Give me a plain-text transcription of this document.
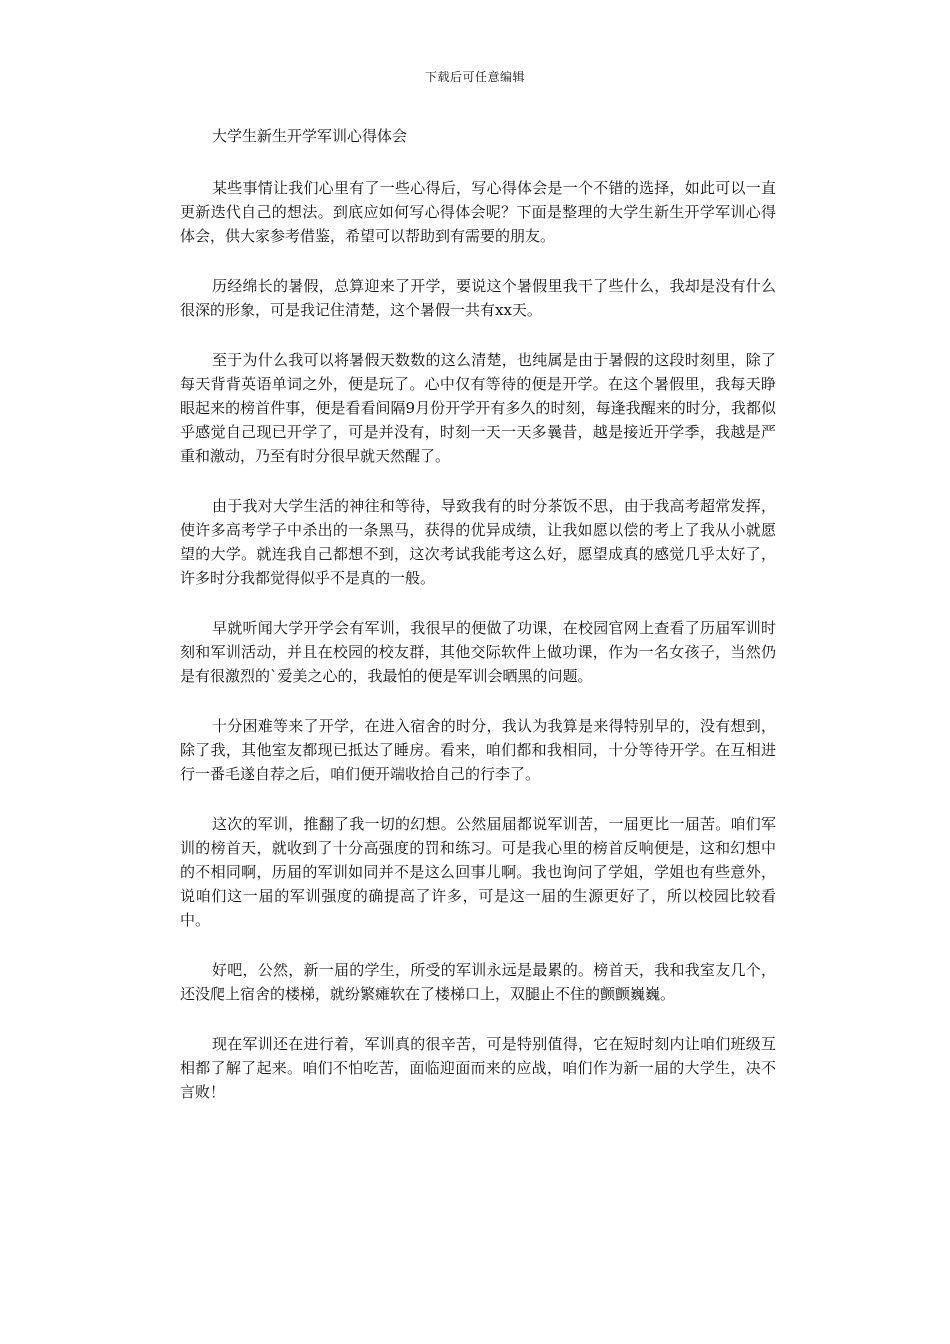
下载后可任意编辑
大学生新生开学军训心得体会

某些事情让我们心里有了一些心得后，写心得体会是一个不错的选择，如此可以一直更新迭代自己的想法。到底应如何写心得体会呢？下面是整理的大学生新生开学军训心得体会，供大家参考借鉴，希望可以帮助到有需要的朋友。

历经绵长的暑假，总算迎来了开学，要说这个暑假里我干了些什么，我却是没有什么很深的形象，可是我记住清楚，这个暑假一共有xx天。

至于为什么我可以将暑假天数数的这么清楚，也纯属是由于暑假的这段时刻里，除了每天背背英语单词之外，便是玩了。心中仅有等待的便是开学。在这个暑假里，我每天睁眼起来的榜首件事，便是看看间隔9月份开学开有多久的时刻，每逢我醒来的时分，我都似乎感觉自己现已开学了，可是并没有，时刻一天一天多曩昔，越是接近开学季，我越是严重和激动，乃至有时分很早就天然醒了。

由于我对大学生活的神往和等待，导致我有的时分茶饭不思，由于我高考超常发挥，使许多高考学子中杀出的一条黑马，获得的优异成绩，让我如愿以偿的考上了我从小就愿望的大学。就连我自己都想不到，这次考试我能考这么好，愿望成真的感觉几乎太好了，许多时分我都觉得似乎不是真的一般。

早就听闻大学开学会有军训，我很早的便做了功课，在校园官网上查看了历届军训时刻和军训活动，并且在校园的校友群，其他交际软件上做功课，作为一名女孩子，当然仍是有很激烈的`爱美之心的，我最怕的便是军训会晒黑的问题。

十分困难等来了开学，在进入宿舍的时分，我认为我算是来得特别早的，没有想到，除了我，其他室友都现已抵达了睡房。看来，咱们都和我相同，十分等待开学。在互相进行一番毛遂自荐之后，咱们便开端收拾自己的行李了。

这次的军训，推翻了我一切的幻想。公然届届都说军训苦，一届更比一届苦。咱们军训的榜首天，就收到了十分高强度的罚和练习。可是我心里的榜首反响便是，这和幻想中的不相同啊，历届的军训如同并不是这么回事儿啊。我也询问了学姐，学姐也有些意外，说咱们这一届的军训强度的确提高了许多，可是这一届的生源更好了，所以校园比较看中。

好吧，公然，新一届的学生，所受的军训永远是最累的。榜首天，我和我室友几个，还没爬上宿舍的楼梯，就纷繁瘫软在了楼梯口上，双腿止不住的颤颤巍巍。

现在军训还在进行着，军训真的很辛苦，可是特别值得，它在短时刻内让咱们班级互相都了解了起来。咱们不怕吃苦，面临迎面而来的应战，咱们作为新一届的大学生，决不言败！
